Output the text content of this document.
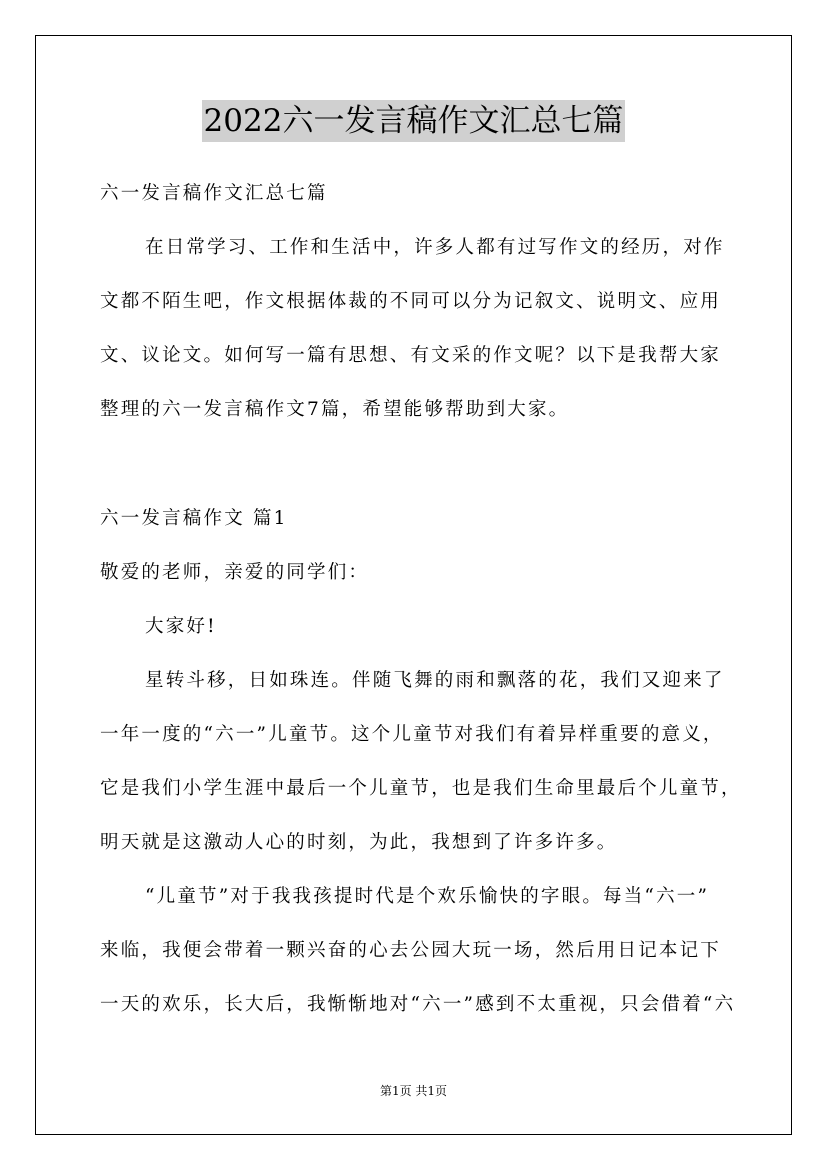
2022六一发言稿作文汇总七篇
六一发言稿作文汇总七篇
在日常学习、工作和生活中，许多人都有过写作文的经历，对作
文都不陌生吧，作文根据体裁的不同可以分为记叙文、说明文、应用
文、议论文。如何写一篇有思想、有文采的作文呢？以下是我帮大家
整理的六一发言稿作文7篇，希望能够帮助到大家。
六一发言稿作文 篇1
敬爱的老师，亲爱的同学们：
大家好!
星转斗移，日如珠连。伴随飞舞的雨和飘落的花，我们又迎来了
一年一度的“六一”儿童节。这个儿童节对我们有着异样重要的意义，
它是我们小学生涯中最后一个儿童节，也是我们生命里最后个儿童节，
明天就是这激动人心的时刻，为此，我想到了许多许多。
“儿童节”对于我我孩提时代是个欢乐愉快的字眼。每当“六一”
来临，我便会带着一颗兴奋的心去公园大玩一场，然后用日记本记下
一天的欢乐，长大后，我惭惭地对“六一”感到不太重视，只会借着“六
第1页 共1页
